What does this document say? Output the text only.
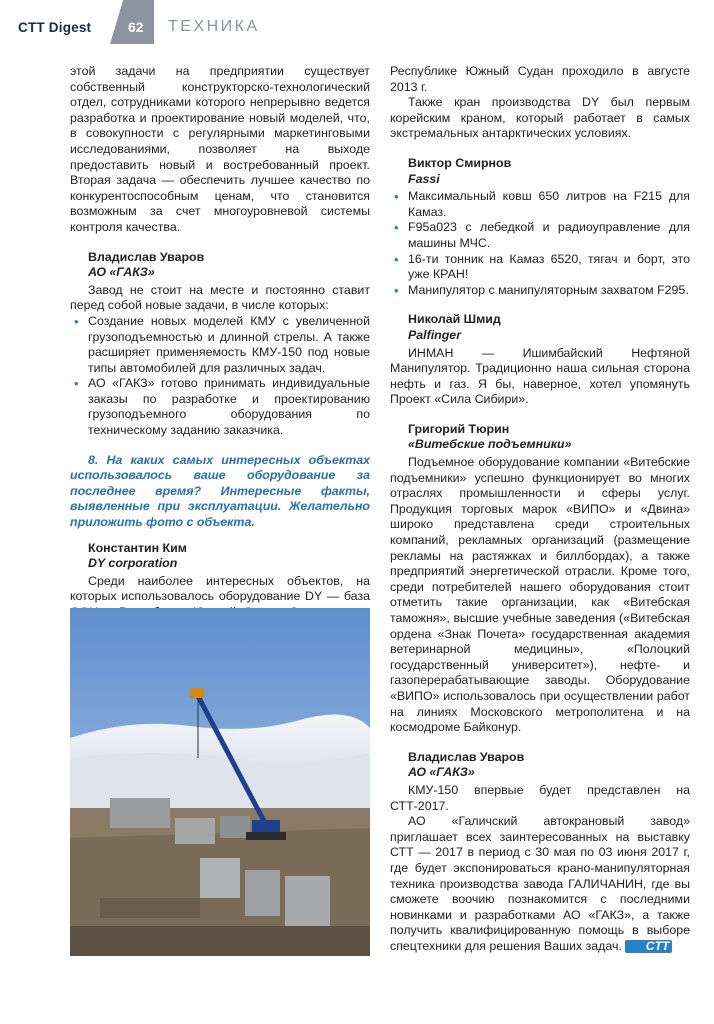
CTT Digest	62 ТЕХНИКА

этой задачи на предприятии существует собственный конструкторско-технологический отдел, сотрудниками которого непрерывно ведется разработка и проектирование новый моделей, что, в совокупности с регулярными маркетинговыми исследованиями, позволяет на выходе предоставить новый и востребованный проект. Вторая задача — обеспечить лучшее качество по конкурентоспособным ценам, что становится возможным за счет многоуровневой системы контроля качества.

Владислав Уваров
АО «ГАКЗ»

Завод не стоит на месте и постоянно ставит перед собой новые задачи, в числе которых:

• Создание новых моделей КМУ с увеличенной грузоподъемностью и длинной стрелы. А также расширяет применяемость КМУ-150 под новые типы автомобилей для различных задач.
• АО «ГАКЗ» готово принимать индивидуальные заказы по разработке и проектированию грузоподъемного оборудования по техническому заданию заказчика.

8. На каких самых интересных объектах использовалось ваше оборудование за последнее время? Интересные факты, выявленные при эксплуатации. Желательно приложить фото с объекта.

Константин Ким
DY corporation

Среди наиболее интересных объектов, на которых использовалось оборудование DY — база

Республике Южный Судан проходило в августе 2013 г.

Также кран производства DY был первым корейским краном, который работает в самых экстремальных антарктических условиях.

Виктор Смирнов
Fassi
• Максимальный ковш 650 литров на F215 для Камаз.
• F95a023 с лебедкой и радиоуправление для машины МЧС.
• 16-ти тонник на Камаз 6520, тягач и борт, это уже КРАН!
• Манипулятор с манипуляторным захватом F295.
Николай Шмид
Palfinger

ИНМАН — Ишимбайский Нефтяной Манипулятор. Традиционно наша сильная сторона нефть и газ. Я бы, наверное, хотел упомянуть Проект «Сила Сибири».

Григорий Тюрин
«Витебские подъемники»

Подъемное оборудование компании «Витебские подъемники» успешно функционирует во многих отраслях промышленности и сферы услуг. Продукция торговых марок «ВИПО» и «Двина» широко представлена среди строительных компаний, рекламных организаций (размещение рекламы на растяжках и биллбордах), а также предприятий энергетической отрасли. Кроме того, среди потребителей нашего оборудования стоит отметить такие организации, как «Витебская таможня», высшие учебные заведения («Витебская ордена «Знак Почета» государственная академия ветеринарной медицины», «Полоцкий государственный университет»), нефте- и газоперерабатывающие заводы. Оборудование «ВИПО» использовалось при осуществлении работ на линиях Московского метрополитена и на космодроме Байконур.

Владислав Уваров
АО «ГАКЗ»

КМУ-150 впервые будет представлен на СТТ-2017.

АО «Галичский автокрановый завод» приглашает всех заинтересованных на выставку СТТ — 2017 в период с 30 мая по 03 июня 2017 г, где будет экспонироваться крано-манипуляторная техника производства завода ГАЛИЧАНИН, где вы сможете воочию познакомится с последними новинками и разработками АО «ГАКЗ», а также получить квалифицированную помощь в выборе спецтехники для решения Ваших задач. CTT
